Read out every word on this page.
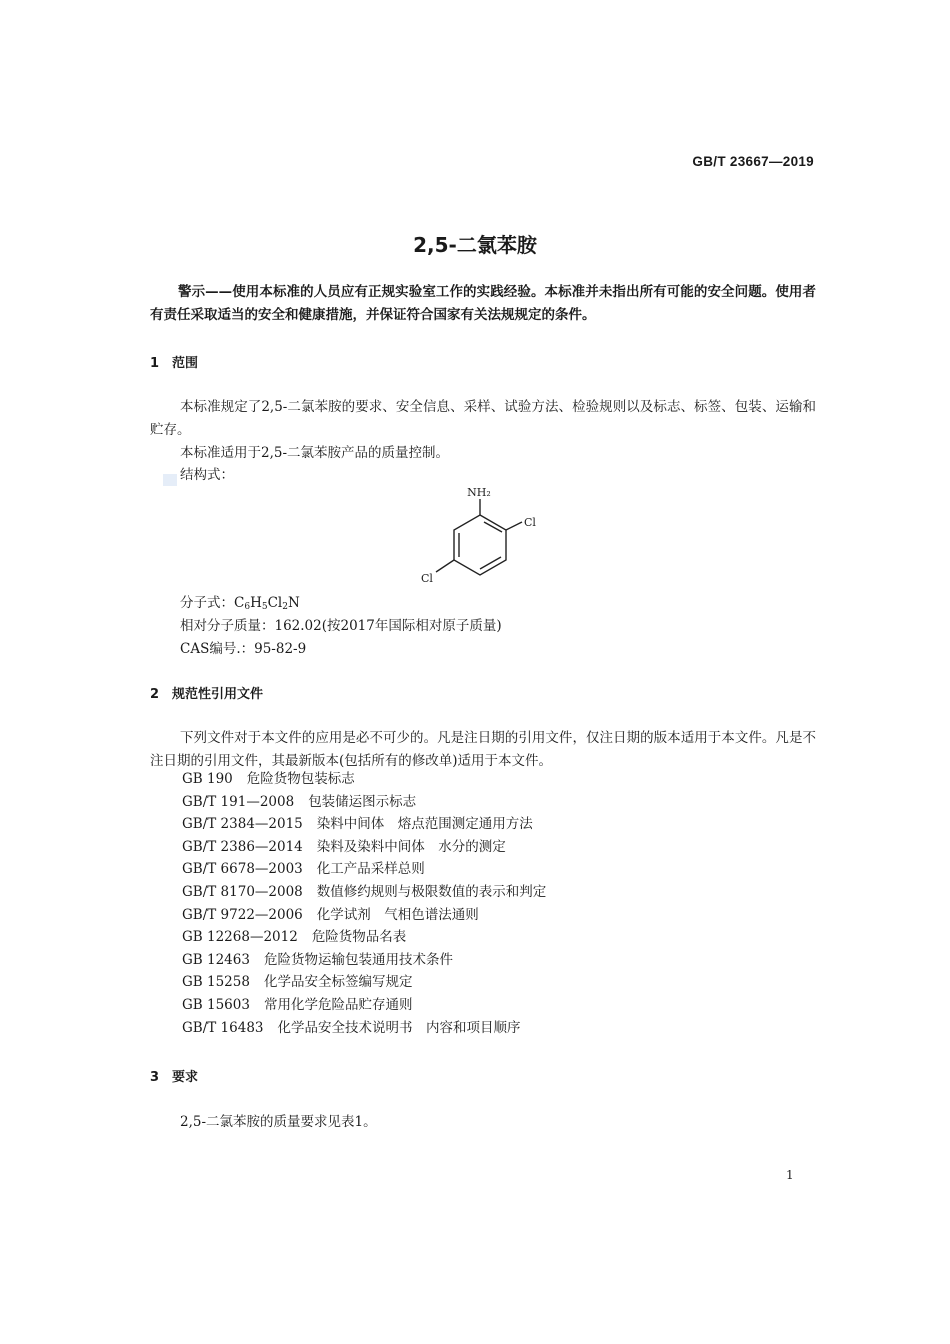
GB/T 23667—2019
2,5-二氯苯胺
警示——使用本标准的人员应有正规实验室工作的实践经验。本标准并未指出所有可能的安全问题。使用者有责任采取适当的安全和健康措施，并保证符合国家有关法规规定的条件。
1 范围
本标准规定了2,5-二氯苯胺的要求、安全信息、采样、试验方法、检验规则以及标志、标签、包装、运输和贮存。
本标准适用于2,5-二氯苯胺产品的质量控制。
结构式：
NH₂
Cl
Cl
分子式：$C_6H_5Cl_2N$
相对分子质量：162.02(按2017年国际相对原子质量)
CAS编号.：95-82-9
2 规范性引用文件
下列文件对于本文件的应用是必不可少的。凡是注日期的引用文件，仅注日期的版本适用于本文件。凡是不注日期的引用文件，其最新版本(包括所有的修改单)适用于本文件。
GB 190 危险货物包装标志
GB/T 191—2008 包装储运图示标志
GB/T 2384—2015 染料中间体　熔点范围测定通用方法
GB/T 2386—2014 染料及染料中间体　水分的测定
GB/T 6678—2003 化工产品采样总则
GB/T 8170—2008 数值修约规则与极限数值的表示和判定
GB/T 9722—2006 化学试剂　气相色谱法通则
GB 12268—2012 危险货物品名表
GB 12463 危险货物运输包装通用技术条件
GB 15258 化学品安全标签编写规定
GB 15603 常用化学危险品贮存通则
GB/T 16483 化学品安全技术说明书　内容和项目顺序
3 要求
2,5-二氯苯胺的质量要求见表1。
1
